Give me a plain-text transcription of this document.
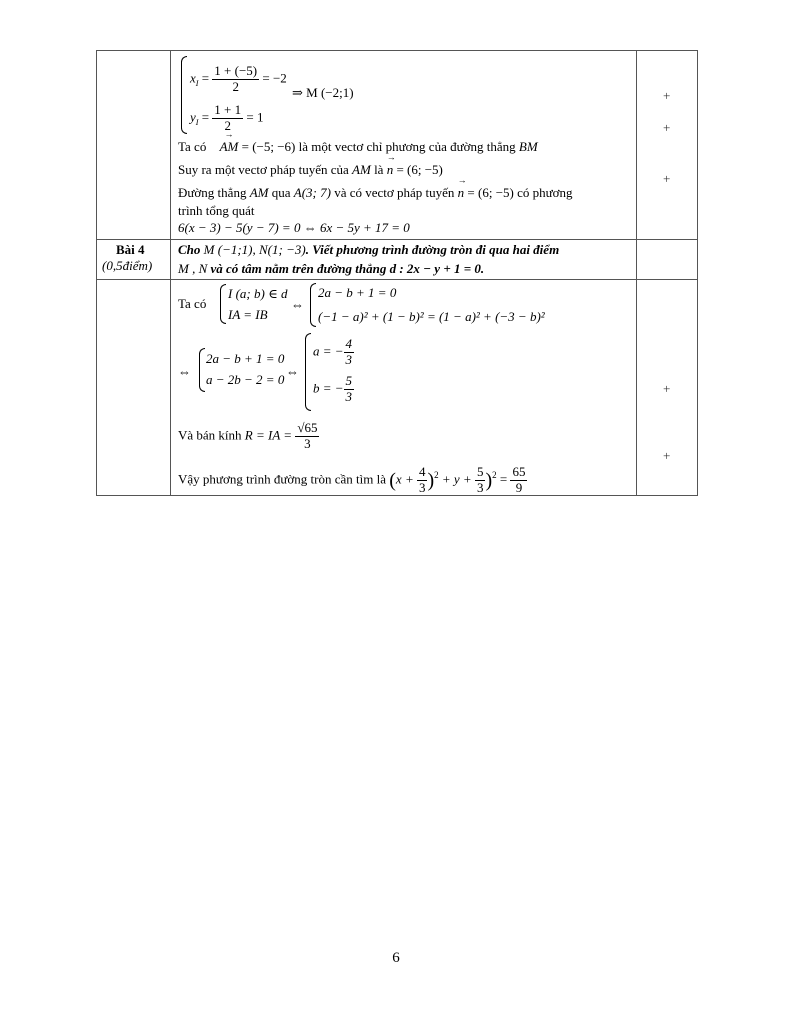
$x_I = \frac{1 + (-5)}{2} = -2$
$y_I = \frac{1 + 1}{2} = 1$
⇒ M (−2;1)
Ta có → AM = (−5; −6) là một vectơ chỉ phương của đường thẳng BM
Suy ra một vectơ pháp tuyến của AM là → n = (6; −5)
Đường thẳng AM qua A(3; 7) và có vectơ pháp tuyến → n = (6; −5) có phương
trình tổng quát
6(x − 3) − 5(y − 7) = 0 ⇔ 6x − 5y + 17 = 0
+
+
+
Bài 4
(0,5điểm)
Cho M (−1;1), N(1; −3). Viết phương trình đường tròn đi qua hai điểm
M , N và có tâm nằm trên đường thẳng d : 2x − y + 1 = 0.
Ta có
I (a; b) ∈ d
IA = IB
⇔
2a − b + 1 = 0
(−1 − a)² + (1 − b)² = (1 − a)² + (−3 − b)²
⇔
2a − b + 1 = 0
a − 2b − 2 = 0
⇔
a = − $\frac{4}{3}$
b = − $\frac{5}{3}$
Và bán kính R = IA = $\frac{√65}{3}$
Vậy phương trình đường tròn cần tìm là $(x + \frac{4}{3} )^2 + y + \frac{5}{3} )^2 = \frac{65}{9}$
+
+
6
